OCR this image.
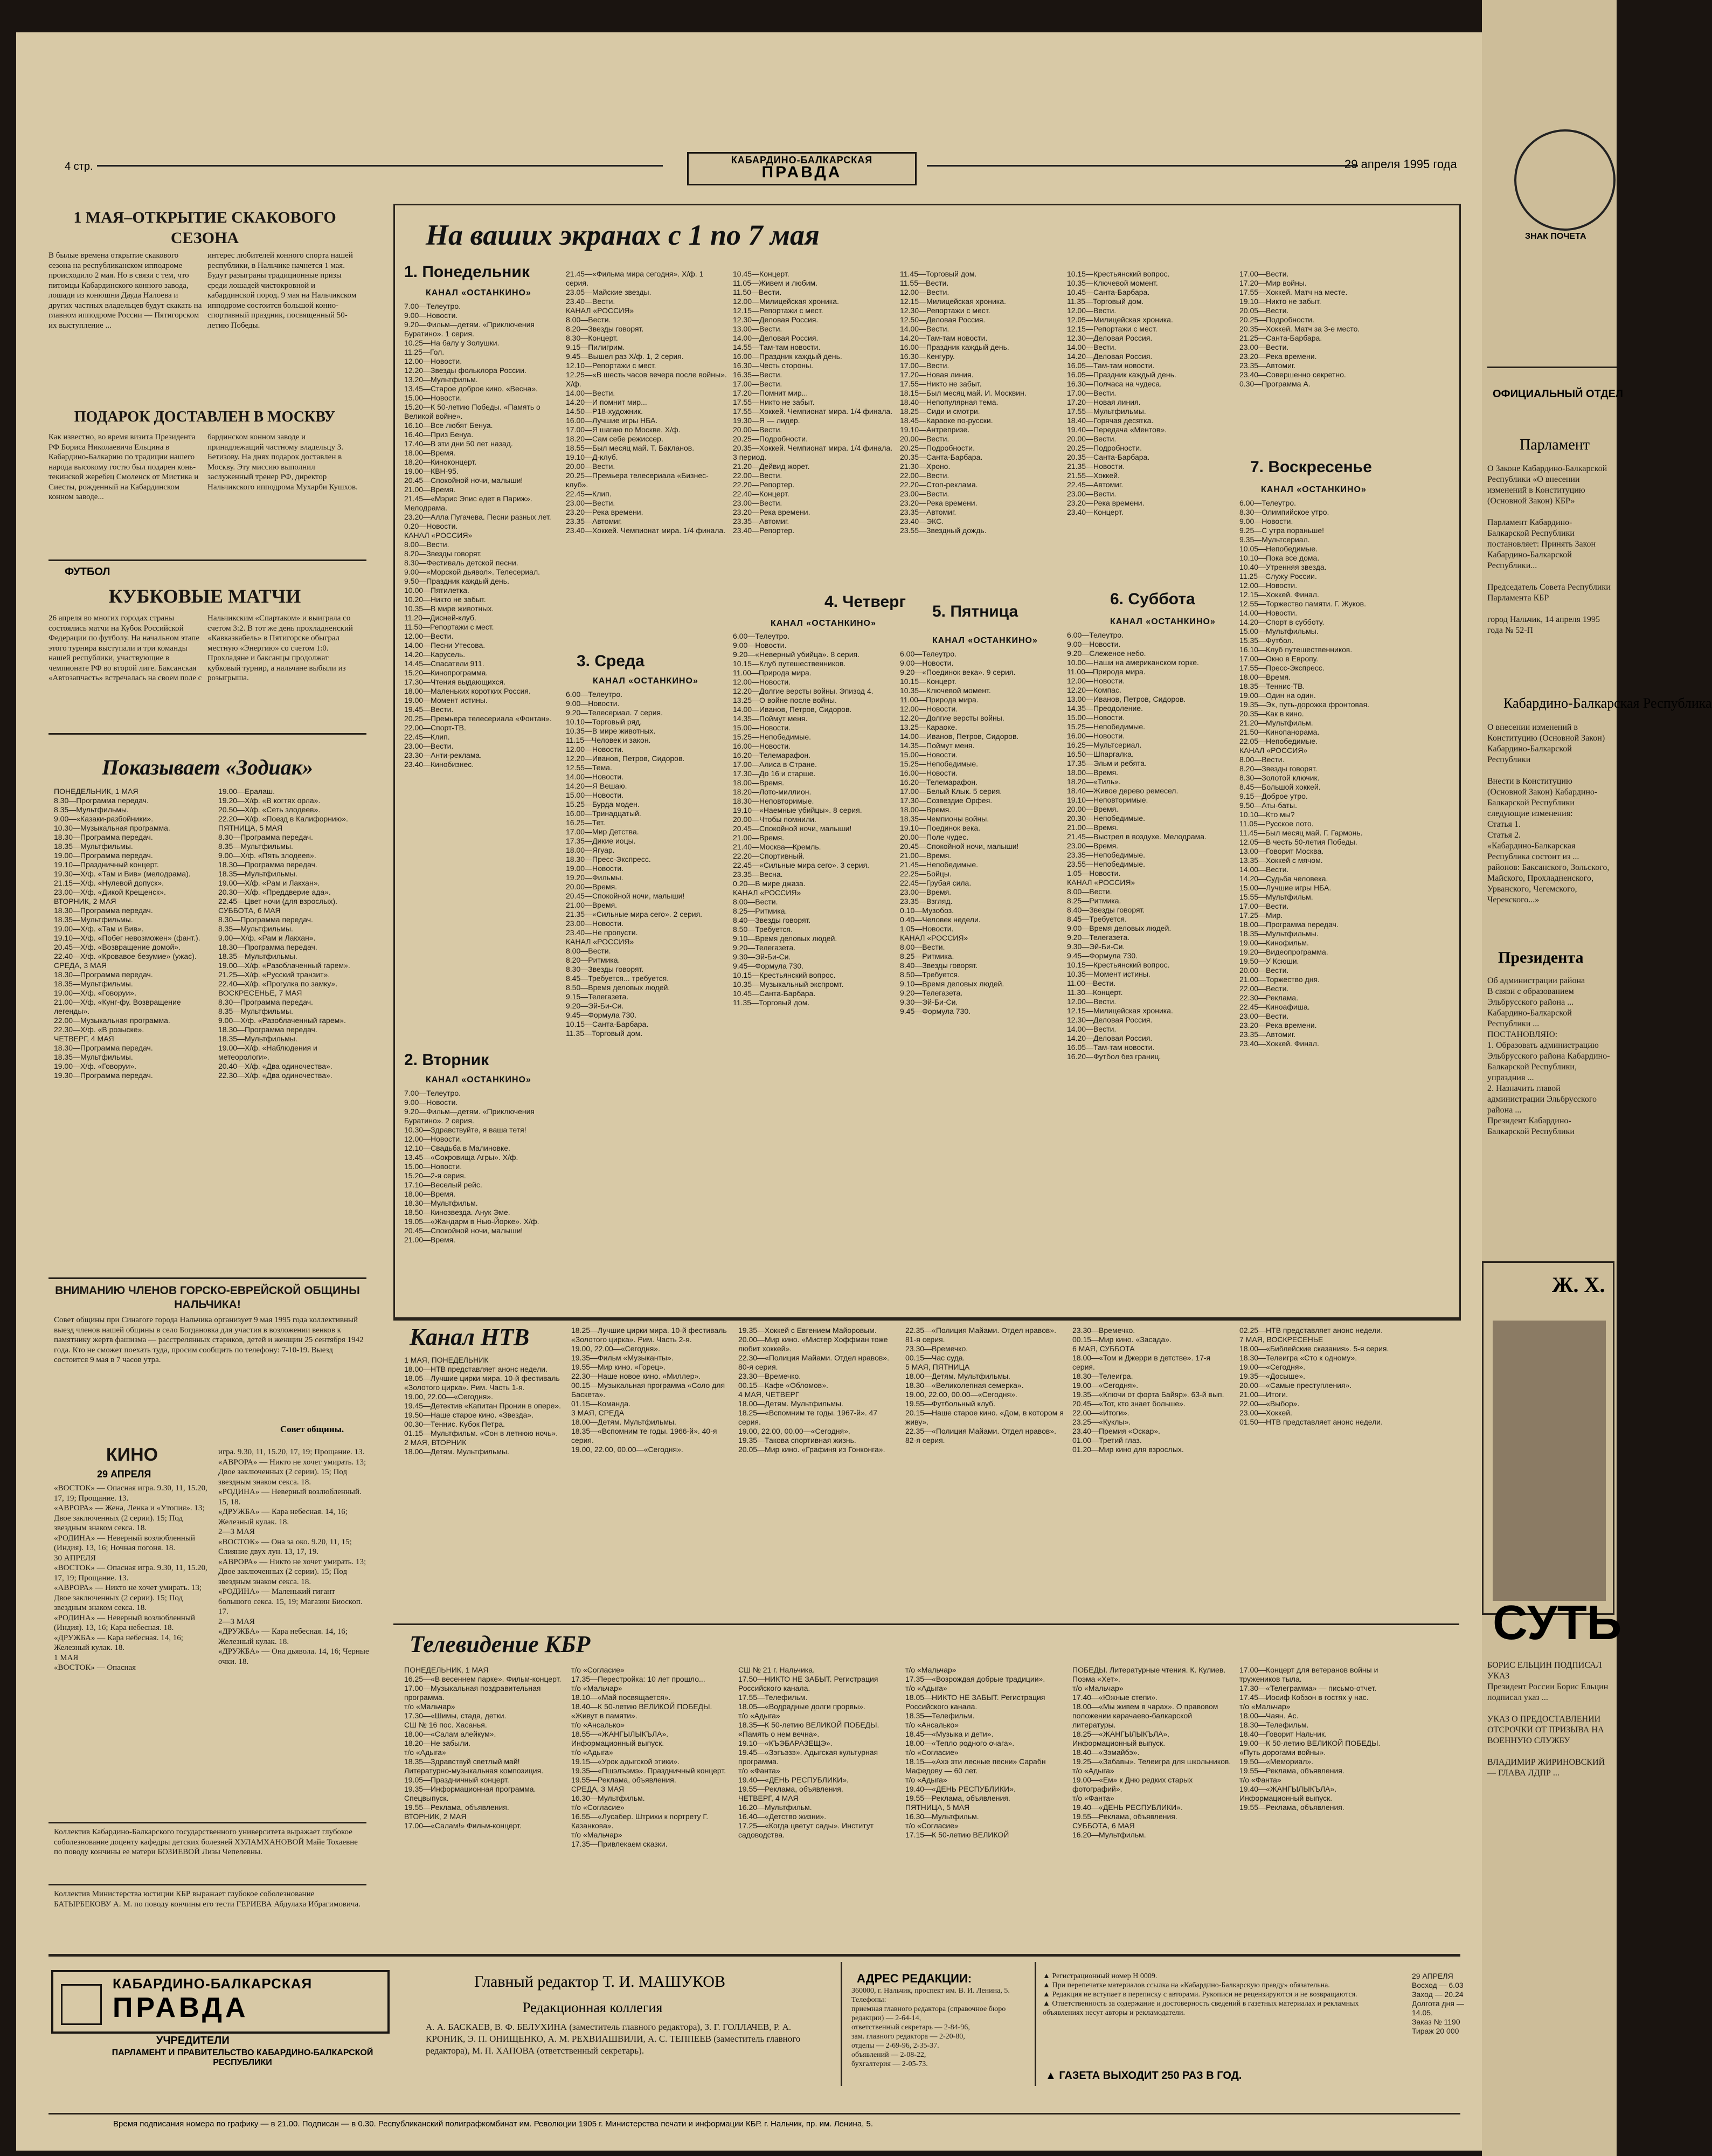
4 стр.
КАБАРДИНО-БАЛКАРСКАЯ
ПРАВДА	29 апреля 1995 года
1 МАЯ–ОТКРЫТИЕ СКАКОВОГО СЕЗОНА
В былые времена открытие скакового сезона на республиканском ипподроме происходило 2 мая. Но в связи с тем, что питомцы Кабардинского конного завода, лошади из конюшни Дауда Налоева и других частных владельцев будут скакать на главном ипподроме России — Пятигорском их выступление ...
интерес любителей конного спорта нашей республики, в Нальчике начнется 1 мая. Будут разыграны традиционные призы среди лошадей чистокровной и кабардинской пород. 9 мая на Нальчикском ипподроме состоится большой конно-спортивный праздник, посвященный 50-летию Победы.
ПОДАРОК ДОСТАВЛЕН В МОСКВУ
Как известно, во время визита Президента РФ Бориса Николаевича Ельцина в Кабардино-Балкарию по традиции нашего народа высокому гостю был подарен конь-текинской жеребец Смоленск от Мистика и Сиесты, рожденный на Кабардинском конном заводе...
бардинском конном заводе и принадлежащий частному владельцу З. Бетизову. На днях подарок доставлен в Москву. Эту миссию выполнил заслуженный тренер РФ, директор Нальчикского ипподрома Мухарби Кушхов.
ФУТБОЛ
КУБКОВЫЕ МАТЧИ
26 апреля во многих городах страны состоялись матчи на Кубок Российской Федерации по футболу. На начальном этапе этого турнира выступали и три команды нашей республики, участвующие в чемпионате РФ во второй лиге. Баксанская «Автозапчасть» встречалась на своем поле с
Нальчикским «Спартаком» и выиграла со счетом 3:2. В тот же день прохладненский «Кавказкабель» в Пятигорске обыграл местную «Энергию» со счетом 1:0. Прохладяне и баксанцы продолжат кубковый турнир, а нальчане выбыли из розыгрыша.
Показывает «Зодиак»
ПОНЕДЕЛЬНИК, 1 МАЯ
8.30—Программа передач.
8.35—Мультфильмы.
9.00—«Казаки-разбойники».
10.30—Музыкальная программа.
18.30—Программа передач.
18.35—Мультфильмы.
19.00—Программа передач.
19.10—Праздничный концерт.
19.30—Х/ф. «Там и Вив» (мелодрама).
21.15—Х/ф. «Нулевой допуск».
23.00—Х/ф. «Дикой Крещенск».
ВТОРНИК, 2 МАЯ
18.30—Программа передач.
18.35—Мультфильмы.
19.00—Х/ф. «Там и Вив».
19.10—Х/ф. «Побег невозможен» (фант.).
20.45—Х/ф. «Возвращение домой».
22.40—Х/ф. «Кровавое безумие» (ужас).
СРЕДА, 3 МАЯ
18.30—Программа передач.
18.35—Мультфильмы.
19.00—Х/ф. «Говоруи».
21.00—Х/ф. «Кунг-фу. Возвращение легенды».
22.00—Музыкальная программа.
22.30—Х/ф. «В розыске».
ЧЕТВЕРГ, 4 МАЯ
18.30—Программа передач.
18.35—Мультфильмы.
19.00—Х/ф. «Говоруи».
19.30—Программа передач.
19.00—Ералаш.
19.20—Х/ф. «В когтях орла».
20.50—Х/ф. «Сеть злодеев».
22.20—Х/ф. «Поезд в Калифорнию».
ПЯТНИЦА, 5 МАЯ
8.30—Программа передач.
8.35—Мультфильмы.
9.00—Х/ф. «Пять злодеев».
18.30—Программа передач.
18.35—Мультфильмы.
19.00—Х/ф. «Рам и Лакхан».
20.30—Х/ф. «Преддверие ада».
22.45—Цвет ночи (для взрослых).
СУББОТА, 6 МАЯ
8.30—Программа передач.
8.35—Мультфильмы.
9.00—Х/ф. «Рам и Лакхан».
18.30—Программа передач.
18.35—Мультфильмы.
19.00—Х/ф. «Разоблаченный гарем».
21.25—Х/ф. «Русский транзит».
22.40—Х/ф. «Прогулка по замку».
ВОСКРЕСЕНЬЕ, 7 МАЯ
8.30—Программа передач.
8.35—Мультфильмы.
9.00—Х/ф. «Разоблаченный гарем».
18.30—Программа передач.
18.35—Мультфильмы.
19.00—Х/ф. «Наблюдения и метеорологи».
20.40—Х/ф. «Два одиночества».
22.30—Х/ф. «Два одиночества».
ВНИМАНИЮ ЧЛЕНОВ ГОРСКО-ЕВРЕЙСКОЙ ОБЩИНЫ НАЛЬЧИКА!
Совет общины при Синагоге города Нальчика организует 9 мая 1995 года коллективный выезд членов нашей общины в село Богдановка для участия в возложении венков к памятнику жертв фашизма — расстрелянных стариков, детей и женщин 25 сентября 1942 года. Кто не сможет поехать туда, просим сообщить по телефону: 7-10-19. Выезд состоится 9 мая в 7 часов утра.
Совет общины.
КИНО
29 АПРЕЛЯ
«ВОСТОК» — Опасная игра. 9.30, 11, 15.20, 17, 19; Прощание. 13.
«АВРОРА» — Жена, Ленка и «Утопия». 13; Двое заключенных (2 серии). 15; Под звездным знаком секса. 18.
«РОДИНА» — Неверный возлюбленный (Индия). 13, 16; Ночная погоня. 18.
30 АПРЕЛЯ
«ВОСТОК» — Опасная игра. 9.30, 11, 15.20, 17, 19; Прощание. 13.
«АВРОРА» — Никто не хочет умирать. 13; Двое заключенных (2 серии). 15; Под звездным знаком секса. 18.
«РОДИНА» — Неверный возлюбленный (Индия). 13, 16; Кара небесная. 18.
«ДРУЖБА» — Кара небесная. 14, 16; Железный кулак. 18.
1 МАЯ
«ВОСТОК» — Опасная
игра. 9.30, 11, 15.20, 17, 19; Прощание. 13.
«АВРОРА» — Никто не хочет умирать. 13; Двое заключенных (2 серии). 15; Под звездным знаком секса. 18.
«РОДИНА» — Неверный возлюбленный. 15, 18.
«ДРУЖБА» — Кара небесная. 14, 16; Железный кулак. 18.
2—3 МАЯ
«ВОСТОК» — Она за око. 9.20, 11, 15; Слияние двух лун. 13, 17, 19.
«АВРОРА» — Никто не хочет умирать. 13; Двое заключенных (2 серии). 15; Под звездным знаком секса. 18.
«РОДИНА» — Маленький гигант большого секса. 15, 19; Магазин Биоскоп. 17.
2—3 МАЯ
«ДРУЖБА» — Кара небесная. 14, 16; Железный кулак. 18.
«ДРУЖБА» — Она дьявола. 14, 16; Черные очки. 18.
Коллектив Кабардино-Балкарского государственного университета выражает глубокое соболезнование доценту кафедры детских болезней ХУЛАМХАНОВОЙ Майе Тохаевне по поводу кончины ее матери БОЗИЕВОЙ Лизы Чепелевны.
Коллектив Министерства юстиции КБР выражает глубокое соболезнование БАТЫРБЕКОВУ А. М. по поводу кончины его тести ГЕРИЕВА Абдулаха Ибрагимовича.
На ваших экранах с 1 по 7 мая
1. Понедельник
КАНАЛ «ОСТАНКИНО»
7.00—Телеутро.
9.00—Новости.
9.20—Фильм—детям. «Приключения Буратино». 1 серия.
10.25—На балу у Золушки.
11.25—Гол.
12.00—Новости.
12.20—Звезды фольклора России.
13.20—Мультфильм.
13.45—Старое доброе кино. «Весна».
15.00—Новости.
15.20—К 50-летию Победы. «Память о Великой войне».
16.10—Все любят Бенуа.
16.40—Приз Бенуа.
17.40—В эти дни 50 лет назад.
18.00—Время.
18.20—Киноконцерт.
19.00—КВН-95.
20.45—Спокойной ночи, малыши!
21.00—Время.
21.45—«Мэрис Эпис едет в Париж». Мелодрама.
23.20—Алла Пугачева. Песни разных лет.
0.20—Новости.
КАНАЛ «РОССИЯ»
8.00—Вести.
8.20—Звезды говорят.
8.30—Фестиваль детской песни.
9.00—«Морской дьявол». Телесериал.
9.50—Праздник каждый день.
10.00—Пятилетка.
10.20—Никто не забыт.
10.35—В мире животных.
11.20—Дисней-клуб.
11.50—Репортажи с мест.
12.00—Вести.
14.00—Песни Утесова.
14.20—Карусель.
14.45—Спасатели 911.
15.20—Кинопрограмма.
17.30—Чтения выдающихся.
18.00—Маленьких коротких Россия.
19.00—Момент истины.
19.45—Вести.
20.25—Премьера телесериала «Фонтан».
22.00—Спорт-ТВ.
22.45—Клип.
23.00—Вести.
23.30—Анти-реклама.
23.40—Кинобизнес.
2. Вторник
КАНАЛ «ОСТАНКИНО»
7.00—Телеутро.
9.00—Новости.
9.20—Фильм—детям. «Приключения Буратино». 2 серия.
10.30—Здравствуйте, я ваша тетя!
12.00—Новости.
12.10—Свадьба в Малиновке.
13.45—«Сокровища Агры». Х/ф.
15.00—Новости.
15.20—2-я серия.
17.10—Веселый рейс.
18.00—Время.
18.30—Мультфильм.
18.50—Кинозвезда. Анук Эме.
19.05—«Жандарм в Нью-Йорке». Х/ф.
20.45—Спокойной ночи, малыши!
21.00—Время.
21.45—«Фильма мира сегодня». Х/ф. 1 серия.
23.05—Майские звезды.
23.40—Вести.
КАНАЛ «РОССИЯ»
8.00—Вести.
8.20—Звезды говорят.
8.30—Концерт.
9.15—Пилигрим.
9.45—Вышел раз Х/ф. 1, 2 серия.
12.10—Репортажи с мест.
12.25—«В шесть часов вечера после войны». Х/ф.
14.00—Вести.
14.20—И помнит мир...
14.50—Р18-художник.
16.00—Лучшие игры НБА.
17.00—Я шагаю по Москве. Х/ф.
18.20—Сам себе режиссер.
18.55—Был месяц май. Т. Бакланов.
19.10—Д-клуб.
20.00—Вести.
20.25—Премьера телесериала «Бизнес-клуб».
22.45—Клип.
23.00—Вести.
23.20—Река времени.
23.35—Автомиг.
23.40—Хоккей. Чемпионат мира. 1/4 финала.
3. Среда
КАНАЛ «ОСТАНКИНО»
6.00—Телеутро.
9.00—Новости.
9.20—Телесериал. 7 серия.
10.10—Торговый ряд.
10.35—В мире животных.
11.15—Человек и закон.
12.00—Новости.
12.20—Иванов, Петров, Сидоров.
12.55—Тема.
14.00—Новости.
14.20—Я Вешаю.
15.00—Новости.
15.25—Бурда моден.
16.00—Тринадцатый.
16.25—Тет.
17.00—Мир Детства.
17.35—Дикие иоцы.
18.00—Ягуар.
18.30—Пресс-Экспресс.
19.00—Новости.
19.20—Фильмы.
20.00—Время.
20.45—Спокойной ночи, малыши!
21.00—Время.
21.35—«Сильные мира сего». 2 серия.
23.00—Новости.
23.40—Не пропусти.
КАНАЛ «РОССИЯ»
8.00—Вести.
8.20—Ритмика.
8.30—Звезды говорят.
8.45—Требуется... требуется.
8.50—Время деловых людей.
9.15—Телегазета.
9.20—Эй-Би-Си.
9.45—Формула 730.
10.15—Санта-Барбара.
11.35—Торговый дом.
10.45—Концерт.
11.05—Живем и любим.
11.50—Вести.
12.00—Милицейская хроника.
12.15—Репортажи с мест.
12.30—Деловая Россия.
13.00—Вести.
14.00—Деловая Россия.
14.55—Там-там новости.
16.00—Праздник каждый день.
16.30—Честь стороны.
16.35—Вести.
17.00—Вести.
17.20—Помнит мир...
17.55—Никто не забыт.
17.55—Хоккей. Чемпионат мира. 1/4 финала.
19.30—Я — лидер.
20.00—Вести.
20.25—Подробности.
20.35—Хоккей. Чемпионат мира. 1/4 финала. 3 период.
21.20—Дейвид жорет.
22.00—Вести.
22.20—Репортер.
22.40—Концерт.
23.00—Вести.
23.20—Река времени.
23.35—Автомиг.
23.40—Репортер.
4. Четверг
КАНАЛ «ОСТАНКИНО»
6.00—Телеутро.
9.00—Новости.
9.20—«Неверный убийца». 8 серия.
10.15—Клуб путешественников.
11.00—Природа мира.
12.00—Новости.
12.20—Долгие версты войны. Эпизод 4.
13.25—О войне после войны.
14.00—Иванов, Петров, Сидоров.
14.35—Поймут меня.
15.00—Новости.
15.25—Непобедимые.
16.00—Новости.
16.20—Телемарафон.
17.00—Алиса в Стране.
17.30—До 16 и старше.
18.00—Время.
18.20—Лото-миллион.
18.30—Неповторимые.
19.10—«Наемные убийцы». 8 серия.
20.00—Чтобы помнили.
20.45—Спокойной ночи, малыши!
21.00—Время.
21.40—Москва—Кремль.
22.20—Спортивный.
22.45—«Сильные мира сего». 3 серия.
23.35—Весна.
0.20—В мире джаза.
КАНАЛ «РОССИЯ»
8.00—Вести.
8.25—Ритмика.
8.40—Звезды говорят.
8.50—Требуется.
9.10—Время деловых людей.
9.20—Телегазета.
9.30—Эй-Би-Си.
9.45—Формула 730.
10.15—Крестьянский вопрос.
10.35—Музыкальный экспромт.
10.45—Санта-Барбара.
11.35—Торговый дом.
11.45—Торговый дом.
11.55—Вести.
12.00—Вести.
12.15—Милицейская хроника.
12.30—Репортажи с мест.
12.50—Деловая Россия.
14.00—Вести.
14.20—Там-там новости.
16.00—Праздник каждый день.
16.30—Кенгуру.
17.00—Вести.
17.20—Новая линия.
17.55—Никто не забыт.
18.15—Был месяц май. И. Москвин.
18.40—Непопулярная тема.
18.25—Сиди и смотри.
18.45—Караоке по-русски.
19.10—Антрепризе.
20.00—Вести.
20.25—Подробности.
20.35—Санта-Барбара.
21.30—Хроно.
22.00—Вести.
22.20—Стоп-реклама.
23.00—Вести.
23.20—Река времени.
23.35—Автомиг.
23.40—ЭКС.
23.55—Звездный дождь.
5. Пятница
КАНАЛ «ОСТАНКИНО»
6.00—Телеутро.
9.00—Новости.
9.20—«Поединок века». 9 серия.
10.15—Концерт.
10.35—Ключевой момент.
11.00—Природа мира.
12.00—Новости.
12.20—Долгие версты войны.
13.25—Караоке.
14.00—Иванов, Петров, Сидоров.
14.35—Поймут меня.
15.00—Новости.
15.25—Непобедимые.
16.00—Новости.
16.20—Телемарафон.
17.00—Белый Клык. 5 серия.
17.30—Созвездие Орфея.
18.00—Время.
18.35—Чемпионы войны.
19.10—Поединок века.
20.00—Поле чудес.
20.45—Спокойной ночи, малыши!
21.00—Время.
21.45—Непобедимые.
22.25—Бойцы.
22.45—Грубая сила.
23.00—Время.
23.35—Взгляд.
0.10—Музобоз.
0.40—Человек недели.
1.05—Новости.
КАНАЛ «РОССИЯ»
8.00—Вести.
8.25—Ритмика.
8.40—Звезды говорят.
8.50—Требуется.
9.10—Время деловых людей.
9.20—Телегазета.
9.30—Эй-Би-Си.
9.45—Формула 730.
10.15—Крестьянский вопрос.
10.35—Ключевой момент.
10.45—Санта-Барбара.
11.35—Торговый дом.
12.00—Вести.
12.05—Милицейская хроника.
12.15—Репортажи с мест.
12.30—Деловая Россия.
14.00—Вести.
14.20—Деловая Россия.
16.05—Там-там новости.
16.05—Праздник каждый день.
16.30—Полчаса на чудеса.
17.00—Вести.
17.20—Новая линия.
17.55—Мультфильмы.
18.40—Горячая десятка.
19.40—Передача «Ментов».
20.00—Вести.
20.25—Подробности.
20.35—Санта-Барбара.
21.35—Новости.
21.55—Хоккей.
22.45—Автомиг.
23.00—Вести.
23.20—Река времени.
23.40—Концерт.
6. Суббота
КАНАЛ «ОСТАНКИНО»
6.00—Телеутро.
9.00—Новости.
9.20—Слеженое небо.
10.00—Наши на американском горке.
11.00—Природа мира.
12.00—Новости.
12.20—Компас.
13.00—Иванов, Петров, Сидоров.
14.35—Преодоление.
15.00—Новости.
15.25—Непобедимые.
16.00—Новости.
16.25—Мультсериал.
16.50—Шпаргалка.
17.35—Эльм и ребята.
18.00—Время.
18.20—«Тиль».
18.40—Живое дерево ремесел.
19.10—Неповторимые.
20.00—Время.
20.30—Непобедимые.
21.00—Время.
21.45—Выстрел в воздухе. Мелодрама.
23.00—Время.
23.35—Непобедимые.
23.55—Непобедимые.
1.05—Новости.
КАНАЛ «РОССИЯ»
8.00—Вести.
8.25—Ритмика.
8.40—Звезды говорят.
8.45—Требуется.
9.00—Время деловых людей.
9.20—Телегазета.
9.30—Эй-Би-Си.
9.45—Формула 730.
10.15—Крестьянский вопрос.
10.35—Момент истины.
11.00—Вести.
11.30—Концерт.
12.00—Вести.
12.15—Милицейская хроника.
12.30—Деловая Россия.
14.00—Вести.
14.20—Деловая Россия.
16.05—Там-там новости.
16.20—Футбол без границ.
17.00—Вести.
17.20—Мир войны.
17.55—Хоккей. Матч на месте.
19.10—Никто не забыт.
20.05—Вести.
20.25—Подробности.
20.35—Хоккей. Матч за 3-е место.
21.25—Санта-Барбара.
23.00—Вести.
23.20—Река времени.
23.35—Автомиг.
23.40—Совершенно секретно.
0.30—Программа А.
7. Воскресенье
КАНАЛ «ОСТАНКИНО»
6.00—Телеутро.
8.30—Олимпийское утро.
9.00—Новости.
9.25—С утра пораньше!
9.35—Мультсериал.
10.05—Непобедимые.
10.10—Пока все дома.
10.40—Утренняя звезда.
11.25—Служу России.
12.00—Новости.
12.15—Хоккей. Финал.
12.55—Торжество памяти. Г. Жуков.
14.00—Новости.
14.20—Спорт в субботу.
15.00—Мультфильмы.
15.35—Футбол.
16.10—Клуб путешественников.
17.00—Окно в Европу.
17.55—Пресс-Экспресс.
18.00—Время.
18.35—Теннис-ТВ.
19.00—Один на один.
19.35—Эх, путь-дорожка фронтовая.
20.35—Как в кино.
21.20—Мультфильм.
21.50—Кинопанорама.
22.05—Непобедимые.
КАНАЛ «РОССИЯ»
8.00—Вести.
8.20—Звезды говорят.
8.30—Золотой ключик.
8.45—Большой хоккей.
9.15—Доброе утро.
9.50—Аты-баты.
10.10—Кто мы?
11.05—Русское лото.
11.45—Был месяц май. Г. Гармонь.
12.05—В честь 50-летия Победы.
13.00—Говорит Москва.
13.35—Хоккей с мячом.
14.00—Вести.
14.20—Судьба человека.
15.00—Лучшие игры НБА.
15.55—Мультфильм.
17.00—Вести.
17.25—Мир.
18.00—Программа передач.
18.35—Мультфильмы.
19.00—Кинофильм.
19.20—Видеопрограмма.
19.50—У Ксюши.
20.00—Вести.
21.00—Торжество дня.
22.00—Вести.
22.30—Реклама.
22.45—Киноафиша.
23.00—Вести.
23.20—Река времени.
23.35—Автомиг.
23.40—Хоккей. Финал.
Канал НТВ
1 МАЯ, ПОНЕДЕЛЬНИК
18.00—НТВ представляет анонс недели.
18.05—Лучшие цирки мира. 10-й фестиваль «Золотого цирка». Рим. Часть 1-я.
19.00, 22.00—«Сегодня».
19.45—Детектив «Капитан Пронин в опере».
19.50—Наше старое кино. «Звезда».
00.30—Теннис. Кубок Петра.
01.15—Мультфильм. «Сон в летнюю ночь».
2 МАЯ, ВТОРНИК
18.00—Детям. Мультфильмы.
18.25—Лучшие цирки мира. 10-й фестиваль «Золотого цирка». Рим. Часть 2-я.
19.00, 22.00—«Сегодня».
19.35—Фильм «Музыканты».
19.55—Мир кино. «Горец».
22.30—Наше новое кино. «Миллер».
00.15—Музыкальная программа «Соло для Баскета».
01.15—Команда.
3 МАЯ, СРЕДА
18.00—Детям. Мультфильмы.
18.35—«Вспомним те годы. 1966-й». 40-я серия.
19.00, 22.00, 00.00—«Сегодня».
19.35—Хоккей с Евгением Майоровым.
20.00—Мир кино. «Мистер Хоффман тоже любит хоккей».
22.30—«Полиция Майами. Отдел нравов». 80-я серия.
23.30—Времечко.
00.15—Кафе «Обломов».
4 МАЯ, ЧЕТВЕРГ
18.00—Детям. Мультфильмы.
18.25—«Вспомним те годы. 1967-й». 47 серия.
19.00, 22.00, 00.00—«Сегодня».
19.35—Такова спортивная жизнь.
20.05—Мир кино. «Графиня из Гонконга».
22.35—«Полиция Майами. Отдел нравов». 81-я серия.
23.30—Времечко.
00.15—Час суда.
5 МАЯ, ПЯТНИЦА
18.00—Детям. Мультфильмы.
18.30—«Великолепная семерка».
19.00, 22.00, 00.00—«Сегодня».
19.55—Футбольный клуб.
20.15—Наше старое кино. «Дом, в котором я живу».
22.35—«Полиция Майами. Отдел нравов». 82-я серия.
23.30—Времечко.
00.15—Мир кино. «Засада».
6 МАЯ, СУББОТА
18.00—«Том и Джерри в детстве». 17-я серия.
18.30—Телеигра.
19.00—«Сегодня».
19.35—«Ключи от форта Байяр». 63-й вып.
20.45—«Тот, кто знает больше».
22.00—«Итоги».
23.25—«Куклы».
23.40—Премия «Оскар».
01.00—Третий глаз.
01.20—Мир кино для взрослых.
02.25—НТВ представляет анонс недели.
7 МАЯ, ВОСКРЕСЕНЬЕ
18.00—«Библейские сказания». 5-я серия.
18.30—Телеигра «Сто к одному».
19.00—«Сегодня».
19.35—«Досыше».
20.00—«Самые преступления».
21.00—Итоги.
22.00—«Выбор».
23.00—Хоккей.
01.50—НТВ представляет анонс недели.
Телевидение КБР
ПОНЕДЕЛЬНИК, 1 МАЯ
16.25—«В весеннем парке». Фильм-концерт.
17.00—Музыкальная поздравительная программа.
т/о «Мальчар»
17.30—«Шимы, стада, детки.
СШ № 16 пос. Хасанья.
18.00—«Салам алейкум».
18.20—Не забыли.
т/о «Адыга»
18.35—Здравствуй светлый май! Литературно-музыкальная композиция.
19.05—Праздничный концерт.
19.35—Информационная программа. Спецвыпуск.
19.55—Реклама, объявления.
ВТОРНИК, 2 МАЯ
17.00—«Салам!» Фильм-концерт.
т/о «Согласие»
17.35—Перестройка: 10 лет прошло...
т/о «Мальчар»
18.10—«Май посвящается».
18.40—К 50-летию ВЕЛИКОЙ ПОБЕДЫ. «Живут в памяти».
т/о «Ансалько»
18.55—«ЖАНГЫЛЫКЪЛА». Информационный выпуск.
т/о «Адыга»
19.15—«Урок адыгской этики».
19.35—«Пшэлъэмэ». Праздничный концерт.
19.55—Реклама, объявления.
СРЕДА, 3 МАЯ
16.30—Мультфильм.
т/о «Согласие»
16.55—«Лусабер. Штрихи к портрету Г. Казанкова».
т/о «Мальчар»
17.35—Привлекаем сказки.
СШ № 21 г. Нальчика.
17.50—НИКТО НЕ ЗАБЫТ. Регистрация Российского канала.
17.55—Телефильм.
18.05—«Водрадные долги прорвы».
т/о «Адыга»
18.35—К 50-летию ВЕЛИКОЙ ПОБЕДЫ. «Память о нем вечна».
19.10—«КЪЭБАРАЗЕЩЭ».
19.45—«Зэгъэзэ». Адыгская культурная программа.
т/о «Фанта»
19.40—«ДЕНЬ РЕСПУБЛИКИ».
19.55—Реклама, объявления.
ЧЕТВЕРГ, 4 МАЯ
16.20—Мультфильм.
16.40—«Детство жизни».
17.25—«Когда цветут сады». Институт садоводства.
т/о «Мальчар»
17.35—«Возрождая добрые традиции».
т/о «Адыга»
18.05—НИКТО НЕ ЗАБЫТ. Регистрация Российского канала.
18.35—Телефильм.
т/о «Ансалько»
18.45—«Музыка и дети».
18.00—«Тепло родного очага».
т/о «Согласие»
18.15—«Ахэ эти лесные песни» Сарабн Мафедову — 60 лет.
т/о «Адыга»
19.40—«ДЕНЬ РЕСПУБЛИКИ».
19.55—Реклама, объявления.
ПЯТНИЦА, 5 МАЯ
16.30—Мультфильм.
т/о «Согласие»
17.15—К 50-летию ВЕЛИКОЙ
ПОБЕДЫ. Литературные чтения. К. Кулиев. Поэма «Хет».
т/о «Мальчар»
17.40—«Южные степи».
18.00—«Мы живем в чарах». О правовом положении карачаево-балкарской литературы.
18.25—«ЖАНГЫЛЫКЪЛА». Информационный выпуск.
18.40—«Зэмайбэ».
19.25—«Забавы». Телеигра для школьников.
т/о «Адыга»
19.00—«Ем» к Дню редких старых фотографий».
т/о «Фанта»
19.40—«ДЕНЬ РЕСПУБЛИКИ».
19.55—Реклама, объявления.
СУББОТА, 6 МАЯ
16.20—Мультфильм.
17.00—Концерт для ветеранов войны и тружеников тыла.
17.30—«Телеграмма» — письмо-отчет.
17.45—Иосиф Кобзон в гостях у нас.
т/о «Мальчар»
18.00—Чаян. Ас.
18.30—Телефильм.
18.40—Говорит Нальчик.
19.00—К 50-летию ВЕЛИКОЙ ПОБЕДЫ. «Путь дорогами войны».
19.50—«Мемориал».
19.55—Реклама, объявления.
т/о «Фанта»
19.40—«ЖАНГЫЛЫКЪЛА». Информационный выпуск.
19.55—Реклама, объявления.
КАБАРДИНО-БАЛКАРСКАЯ
ПРАВДА
УЧРЕДИТЕЛИ
ПАРЛАМЕНТ И ПРАВИТЕЛЬСТВО КАБАРДИНО-БАЛКАРСКОЙ РЕСПУБЛИКИ
Главный редактор Т. И. МАШУКОВ
Редакционная коллегия
А. А. БАСКАЕВ, В. Ф. БЕЛУХИНА (заместитель главного редактора), З. Г. ГОЛЛАЧЕВ, Р. А. КРОНИК, Э. П. ОНИЩЕНКО, А. М. РЕХВИАШВИЛИ, А. С. ТЕППЕЕВ (заместитель главного редактора), М. П. ХАПОВА (ответственный секретарь).
АДРЕС РЕДАКЦИИ:
360000, г. Нальчик, проспект им. В. И. Ленина, 5.
Телефоны:
приемная главного редактора (справочное бюро редакции) — 2-64-14,
ответственный секретарь — 2-84-96,
зам. главного редактора — 2-20-80,
отделы — 2-69-96, 2-35-37.
объявлений — 2-08-22,
бухгалтерия — 2-05-73.
▲ Регистрационный номер Н 0009.
▲ При перепечатке материалов ссылка на «Кабардино-Балкарскую правду» обязательна.
▲ Редакция не вступает в переписку с авторами. Рукописи не рецензируются и не возвращаются.
▲ Ответственность за содержание и достоверность сведений в газетных материалах и рекламных объявлениях несут авторы и рекламодатели.
▲ ГАЗЕТА ВЫХОДИТ 250 РАЗ В ГОД.
29 АПРЕЛЯ
Восход — 6.03
Заход — 20.24
Долгота дня — 14.05.
Заказ № 1190
Тираж 20 000
Время подписания номера по графику — в 21.00. Подписан — в 0.30. Республиканский полиграфкомбинат им. Революции 1905 г. Министерства печати и информации КБР. г. Нальчик, пр. им. Ленина, 5.
ЗНАК ПОЧЕТА
ОФИЦИАЛЬНЫЙ ОТДЕЛ
Парламент
О Законе Кабардино-Балкарской Республики «О внесении изменений в Конституцию (Основной Закон) КБР»

Парламент Кабардино-Балкарской Республики постановляет: Принять Закон Кабардино-Балкарской Республики...

Председатель Совета Республики Парламента КБР

город Нальчик, 14 апреля 1995 года № 52-П
Кабардино-Балкарская Республика
О внесении изменений в Конституцию (Основной Закон) Кабардино-Балкарской Республики

Внести в Конституцию (Основной Закон) Кабардино-Балкарской Республики следующие изменения:
Статья 1.
Статья 2.
«Кабардино-Балкарская Республика состоит из ... районов: Баксанского, Зольского, Майского, Прохладненского, Урванского, Чегемского, Черекского...»
Президента
Об администрации района
В связи с образованием Эльбрусского района ... Кабардино-Балкарской Республики ...
ПОСТАНОВЛЯЮ:
1. Образовать администрацию Эльбрусского района Кабардино-Балкарской Республики, упразднив ...
2. Назначить главой администрации Эльбрусского района ...
Президент Кабардино-Балкарской Республики
Ж. Х.
СУТЬ
БОРИС ЕЛЬЦИН ПОДПИСАЛ УКАЗ
Президент России Борис Ельцин подписал указ ...

УКАЗ О ПРЕДОСТАВЛЕНИИ ОТСРОЧКИ ОТ ПРИЗЫВА НА ВОЕННУЮ СЛУЖБУ

ВЛАДИМИР ЖИРИНОВСКИЙ — ГЛАВА ЛДПР ...
